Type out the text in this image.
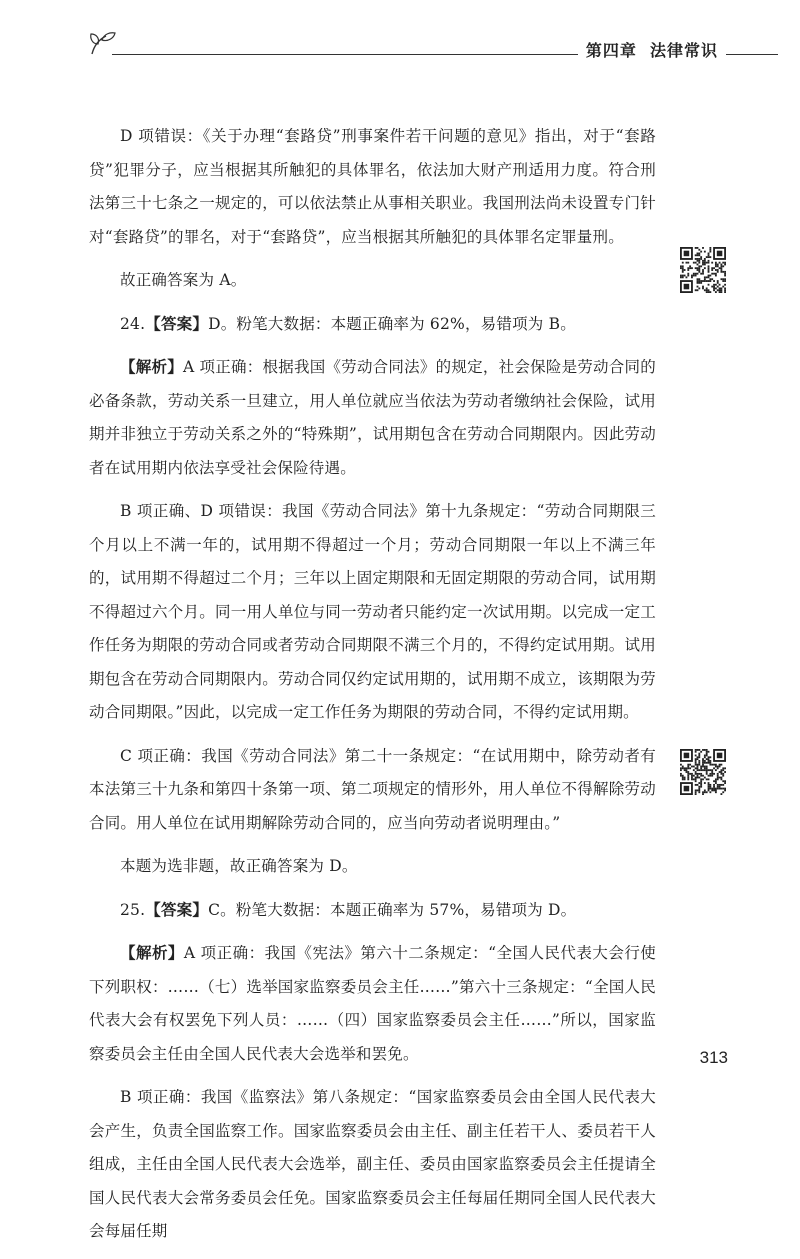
第四章 法律常识

D 项错误：《关于办理“套路贷”刑事案件若干问题的意见》指出，对于“套路贷”犯罪分子，应当根据其所触犯的具体罪名，依法加大财产刑适用力度。符合刑法第三十七条之一规定的，可以依法禁止从事相关职业。我国刑法尚未设置专门针对“套路贷”的罪名，对于“套路贷”，应当根据其所触犯的具体罪名定罪量刑。

故正确答案为 A。

24.【答案】D。粉笔大数据：本题正确率为 62%，易错项为 B。

【解析】A 项正确：根据我国《劳动合同法》的规定，社会保险是劳动合同的必备条款，劳动关系一旦建立，用人单位就应当依法为劳动者缴纳社会保险，试用期并非独立于劳动关系之外的“特殊期”，试用期包含在劳动合同期限内。因此劳动者在试用期内依法享受社会保险待遇。

B 项正确、D 项错误：我国《劳动合同法》第十九条规定：“劳动合同期限三个月以上不满一年的，试用期不得超过一个月；劳动合同期限一年以上不满三年的，试用期不得超过二个月；三年以上固定期限和无固定期限的劳动合同，试用期不得超过六个月。同一用人单位与同一劳动者只能约定一次试用期。以完成一定工作任务为期限的劳动合同或者劳动合同期限不满三个月的，不得约定试用期。试用期包含在劳动合同期限内。劳动合同仅约定试用期的，试用期不成立，该期限为劳动合同期限。”因此，以完成一定工作任务为期限的劳动合同，不得约定试用期。

C 项正确：我国《劳动合同法》第二十一条规定：“在试用期中，除劳动者有本法第三十九条和第四十条第一项、第二项规定的情形外，用人单位不得解除劳动合同。用人单位在试用期解除劳动合同的，应当向劳动者说明理由。”

本题为选非题，故正确答案为 D。

25.【答案】C。粉笔大数据：本题正确率为 57%，易错项为 D。

【解析】A 项正确：我国《宪法》第六十二条规定：“全国人民代表大会行使下列职权：……（七）选举国家监察委员会主任……”第六十三条规定：“全国人民代表大会有权罢免下列人员：……（四）国家监察委员会主任……”所以，国家监察委员会主任由全国人民代表大会选举和罢免。

B 项正确：我国《监察法》第八条规定：“国家监察委员会由全国人民代表大会产生，负责全国监察工作。国家监察委员会由主任、副主任若干人、委员若干人组成，主任由全国人民代表大会选举，副主任、委员由国家监察委员会主任提请全国人民代表大会常务委员会任免。国家监察委员会主任每届任期同全国人民代表大会每届任期

313
